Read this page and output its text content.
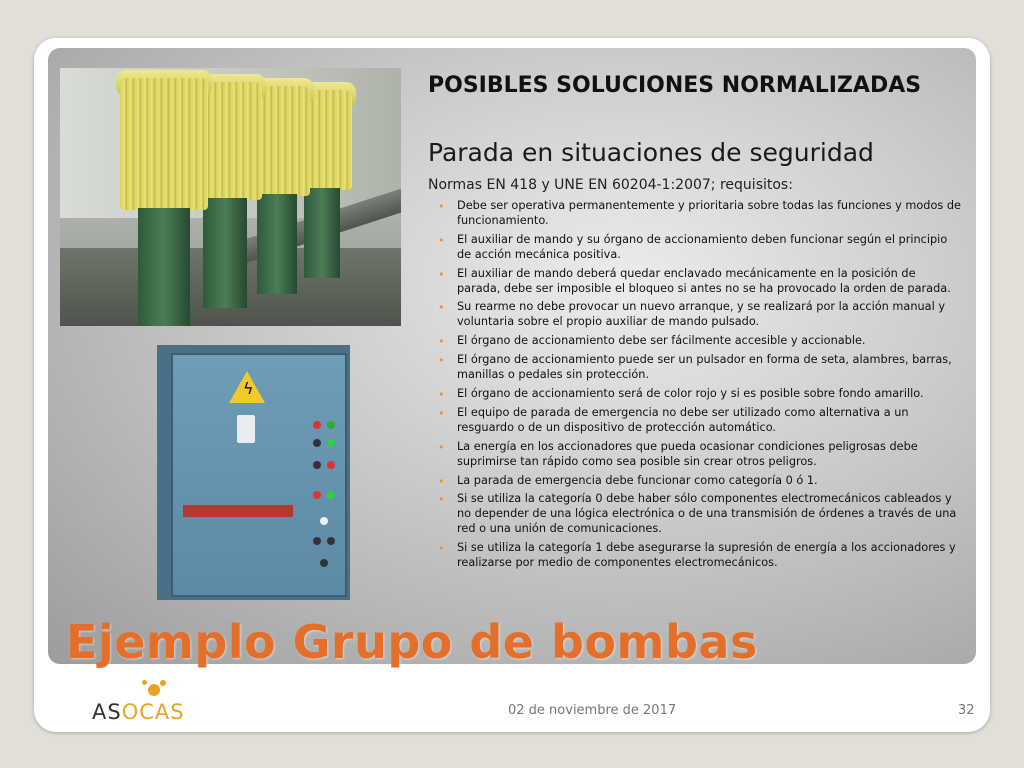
ϟ
POSIBLES SOLUCIONES NORMALIZADAS
Parada en situaciones de seguridad
Normas EN 418 y UNE EN 60204-1:2007; requisitos:
• Debe ser operativa permanentemente y prioritaria sobre todas las funciones y modos de funcionamiento.
• El auxiliar de mando y su órgano de accionamiento deben funcionar según el principio de acción mecánica positiva.
• El auxiliar de mando deberá quedar enclavado mecánicamente en la posición de parada, debe ser imposible el bloqueo si antes no se ha provocado la orden de parada.
• Su rearme no debe provocar un nuevo arranque, y se realizará por la acción manual y voluntaria sobre el propio auxiliar de mando pulsado.
• El órgano de accionamiento debe ser fácilmente accesible y accionable.
• El órgano de accionamiento puede ser un pulsador en forma de seta, alambres, barras, manillas o pedales sin protección.
• El órgano de accionamiento será de color rojo y si es posible sobre fondo amarillo.
• El equipo de parada de emergencia no debe ser utilizado como alternativa a un resguardo o de un dispositivo de protección automático.
• La energía en los accionadores que pueda ocasionar condiciones peligrosas debe suprimirse tan rápido como sea posible sin crear otros peligros.
• La parada de emergencia debe funcionar como categoría 0 ó 1.
• Si se utiliza la categoría 0 debe haber sólo componentes electromecánicos cableados y no depender de una lógica electrónica o de una transmisión de órdenes a través de una red o una unión de comunicaciones.
• Si se utiliza la categoría 1 debe asegurarse la supresión de energía a los accionadores y realizarse por medio de componentes electromecánicos.
Ejemplo Grupo de bombas
ASOCAS	02 de noviembre de 2017	32
